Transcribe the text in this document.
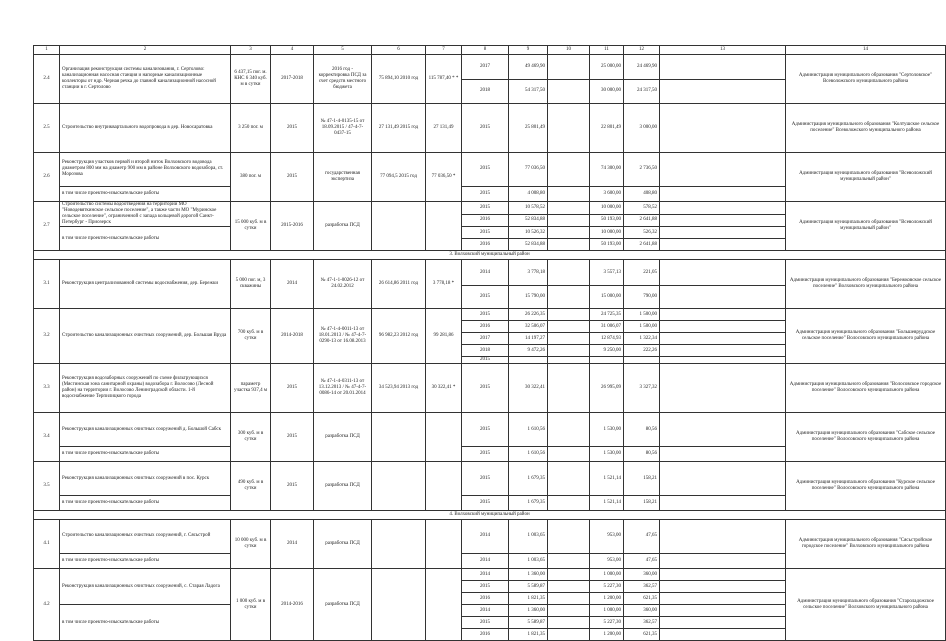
1	2	3	4	5	6	7	8	9	10	11	12	13	14	
2.4	Организация реконструкция системы канализования, г. Сертолово: канализационная насосная станция и напорные канализационные коллекторы от ндр. Черная речка до главной канализационной насосной станции в г. Сертолово	6 437,15 пог. м. КНС 6 340 куб. м в сутки	2017-2018	2016 год - корректировка ПСД за счет средств местного бюджета	75 894,10 2010 год	115 787,40 * *	2017	49 469,90		25 000,00	24 469,90		Администрация муниципального образования "Сертоловское" Всеволожского муниципального района	
							2018	54 317,50		30 000,00	24 317,50			
2.5	Строительство внутриквартального водопровода в дер. Новосаратовка	3 250 пог. м	2015	№ 47-1-4-0135-15 от 18.09.2015 / 47-4-7-0437-15	27 131,49 2015 год	27 131,49	2015	25 801,49		22 801,49	3 000,00		Администрация муниципального образования "Колтушское сельское поселение" Всеволожского муниципального района	
2.6	Реконструкция участков первой и второй ниток Волховского водовода диаметром 800 мм на диаметр 900 мм в районе Волховского водозабора, ст. Морозова	380 пог. м	2015	государственная экспертиза	77 094,5 2015 год	77 036,50 *	2015	77 036,50		74 300,00	2 736,50		Администрация муниципального образования "Всеволожский муниципальный район"	
	в том числе проектно-изыскательские работы						2015	4 008,80		3 600,00	408,80			
2.7	Строительство системы водоотведения на территории МО "Новодевяткинское сельское поселение", а также части МО "Муринское сельское поселение", ограниченной с запада кольцевой дорогой Санкт-Петербург - Приозерск	15 000 куб. м в сутки	2015-2016	разработка ПСД			2015	10 578,52		10 000,00	578,52		Администрация муниципального образования "Всеволожский муниципальный район"	
							2016	52 834,88		50 193,00	2 641,88			
	в том числе проектно-изыскательские работы						2015	10 526,32		10 000,00	526,32			
							2016	52 834,88		50 193,00	2 641,88			
3. Волховский муниципальный район														
3.1	Реконструкция централизованной системы водоснабжения, дер. Бережки	5 000 пог. м, 3 скважины	2014	№ 47-1-1-0026-12 от 24.02.2012	26 614,86 2011 год	3 778,18 *	2014	3 778,18		3 557,13	221,05		Администрация муниципального образования "Бережковское сельское поселение" Волховского муниципального района	
							2015	15 790,00		15 000,00	790,00			
3.2	Строительство канализационных очистных сооружений, дер. Большая Вруда	700 куб. м в сутки	2014-2018	№ 47-1-4-0011-13 от 18.01.2013 / № 47-4-7-0290-13 от 16.08.2013	96 982,23 2012 год	99 281,86	2015	26 226,35		24 725,35	1 500,00		Администрация муниципального образования "Большевруддское сельское поселение" Волосовского муниципального района	
							2016	32 506,07		31 006,07	1 500,00			
							2017	14 197,27		12 874,93	1 322,34			
							2018	9 472,26		9 250,00	222,26			
							2015							
3.3	Реконструкция водозаборных сооружений по схеме фильтрующихся (Мясгинская зона санитарной охраны) водозабора г. Волосово (Лесной район) на территории г. Волосово Ленинградской области. 1-й водоснабжение Терпилицкого города	параметр участка 937,4 м	2015	№ 47-1-4-0311-13 от 13.12.2013 / № 47-4-7-0086-14 от 20.01.2014	34 523,94 2013 год	30 322,41 *	2015	30 322,41		26 995,09	3 327,32		Администрация муниципального образования "Волосовское городское поселение" Волосовского муниципального района	
3.4	Реконструкция канализационных очистных сооружений д. Большой Сабск	300 куб. м в сутки	2015	разработка ПСД			2015	1 610,56		1 530,00	80,56		Администрация муниципального образования "Сабское сельское поселение" Волосовского муниципального района	
	в том числе проектно-изыскательские работы						2015	1 610,56		1 530,00	80,56			
3.5	Реконструкция канализационных очистных сооружений в пос. Курск	490 куб. м в сутки	2015	разработка ПСД			2015	1 679,35		1 521,14	158,21		Администрация муниципального образования "Курское сельское поселение" Волосовского муниципального района	
	в том числе проектно-изыскательские работы						2015	1 679,35		1 521,14	158,21			
4. Волховский муниципальный район														
4.1	Строительство канализационных очистных сооружений, г. Сясьстрой	10 000 куб. м в сутки	2014	разработка ПСД			2014	1 003,65		953,00	47,65		Администрация муниципального образования "Сясьстройское городское поселение" Волховского муниципального района	
	в том числе проектно-изыскательские работы						2014	1 003,65		953,00	47,65			
4.2	Реконструкция канализационных очистных сооружений, с. Старая Ладога	1 000 куб. м в сутки	2014-2016	разработка ПСД			2014	1 360,00		1 000,00	360,00		Администрация муниципального образования "Староладожское сельское поселение" Волховского муниципального района	
							2015	5 589,87		5 227,30	362,57			
							2016	1 821,35		1 200,00	621,35			
	в том числе проектно-изыскательские работы						2014	1 360,00		1 000,00	360,00			
							2015	5 589,87		5 227,30	362,57			
							2016	1 821,35		1 200,00	621,35			
